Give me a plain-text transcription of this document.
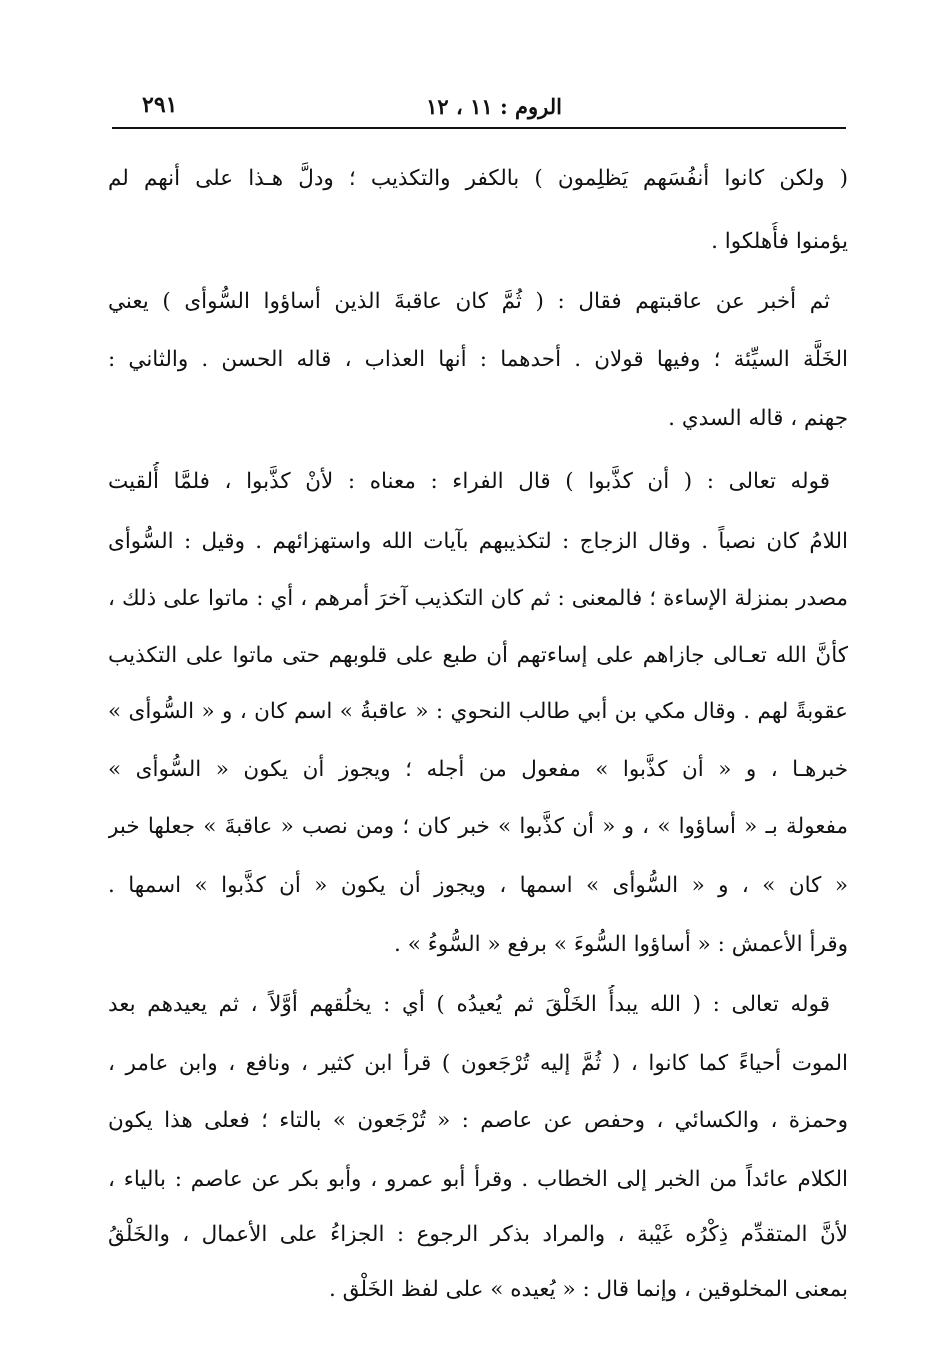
الروم : ١١ ، ١٢
٢٩١
( ولكن كانوا أنفُسَهم يَظلِمون ) بالكفر والتكذيب ؛ ودلَّ هـذا على أنهم لم
يؤمنوا فأُهلكوا .
ثم أخبر عن عاقبتهم فقال : ( ثُمَّ كان عاقبةَ الذين أساؤوا السُّوأى ) يعني
الخَلَّة السيِّئة ؛ وفيها قولان . أحدهما : أنها العذاب ، قاله الحسن . والثاني :
جهنم ، قاله السدي .
قوله تعالى : ( أن كذَّبوا ) قال الفراء : معناه : لأنْ كذَّبوا ، فلمَّا أُلقيت
اللامُ كان نصباً . وقال الزجاج : لتكذيبهم بآيات الله واستهزائهم . وقيل : السُّوأى
مصدر بمنزلة الإساءة ؛ فالمعنى : ثم كان التكذيب آخرَ أمرهم ، أي : ماتوا على ذلك ،
كأنَّ الله تعـالى جازاهم على إساءتهم أن طبع على قلوبهم حتى ماتوا على التكذيب
عقوبةً لهم . وقال مكي بن أبي طالب النحوي : « عاقبةُ » اسم كان ، و « السُّوأى »
خبرهـا ، و « أن كذَّبوا » مفعول من أجله ؛ ويجوز أن يكون « السُّوأى »
مفعولة بـ « أساؤوا » ، و « أن كذَّبوا » خبر كان ؛ ومن نصب « عاقبةَ » جعلها خبر
« كان » ، و « السُّوأى » اسمها ، ويجوز أن يكون « أن كذَّبوا » اسمها .
وقرأ الأعمش : « أساؤوا السُّوءَ » برفع « السُّوءُ » .
قوله تعالى : ( الله يبدأُ الخَلْقَ ثم يُعيدُه ) أي : يخلُقهم أوَّلاً ، ثم يعيدهم بعد
الموت أحياءً كما كانوا ، ( ثُمَّ إليه تُرْجَعون ) قرأ ابن كثير ، ونافع ، وابن عامر ،
وحمزة ، والكسائي ، وحفص عن عاصم : « تُرْجَعون » بالتاء ؛ فعلى هذا يكون
الكلام عائداً من الخبر إلى الخطاب . وقرأ أبو عمرو ، وأبو بكر عن عاصم : بالياء ،
لأنَّ المتقدِّم ذِكْرُه غَيْبة ، والمراد بذكر الرجوع : الجزاءُ على الأعمال ، والخَلْقُ
بمعنى المخلوقين ، وإنما قال : « يُعيده » على لفظ الخَلْق .
